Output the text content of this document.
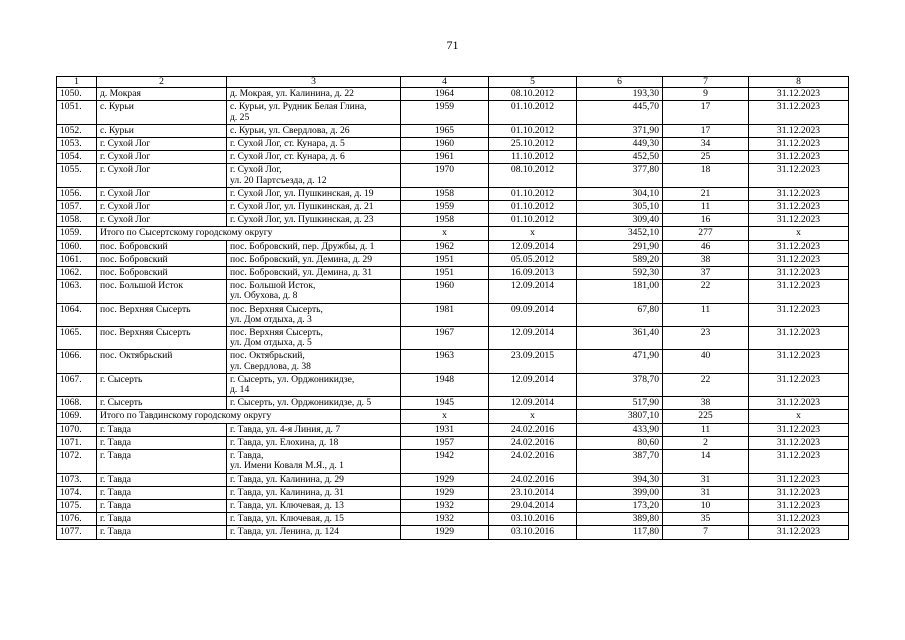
71
1	2	3	4	5	6	7	8
1050.	д. Мокрая	д. Мокрая, ул. Калинина, д. 22	1964	08.10.2012	193,30	9	31.12.2023
1051.	с. Курьи	с. Курьи, ул. Рудник Белая Глина,
д. 25	1959	01.10.2012	445,70	17	31.12.2023
1052.	с. Курьи	с. Курьи, ул. Свердлова, д. 26	1965	01.10.2012	371,90	17	31.12.2023
1053.	г. Сухой Лог	г. Сухой Лог, ст. Кунара, д. 5	1960	25.10.2012	449,30	34	31.12.2023
1054.	г. Сухой Лог	г. Сухой Лог, ст. Кунара, д. 6	1961	11.10.2012	452,50	25	31.12.2023
1055.	г. Сухой Лог	г. Сухой Лог,
ул. 20 Партсъезда, д. 12	1970	08.10.2012	377,80	18	31.12.2023
1056.	г. Сухой Лог	г. Сухой Лог, ул. Пушкинская, д. 19	1958	01.10.2012	304,10	21	31.12.2023
1057.	г. Сухой Лог	г. Сухой Лог, ул. Пушкинская, д. 21	1959	01.10.2012	305,10	11	31.12.2023
1058.	г. Сухой Лог	г. Сухой Лог, ул. Пушкинская, д. 23	1958	01.10.2012	309,40	16	31.12.2023
1059.	Итого по Сысертскому городскому округу		х	х	3452,10	277	х
1060.	пос. Бобровский	пос. Бобровский, пер. Дружбы, д. 1	1962	12.09.2014	291,90	46	31.12.2023
1061.	пос. Бобровский	пос. Бобровский, ул. Демина, д. 29	1951	05.05.2012	589,20	38	31.12.2023
1062.	пос. Бобровский	пос. Бобровский, ул. Демина, д. 31	1951	16.09.2013	592,30	37	31.12.2023
1063.	пос. Большой Исток	пос. Большой Исток,
ул. Обухова, д. 8	1960	12.09.2014	181,00	22	31.12.2023
1064.	пос. Верхняя Сысерть	пос. Верхняя Сысерть,
ул. Дом отдыха, д. 3	1981	09.09.2014	67,80	11	31.12.2023
1065.	пос. Верхняя Сысерть	пос. Верхняя Сысерть,
ул. Дом отдыха, д. 5	1967	12.09.2014	361,40	23	31.12.2023
1066.	пос. Октябрьский	пос. Октябрьский,
ул. Свердлова, д. 38	1963	23.09.2015	471,90	40	31.12.2023
1067.	г. Сысерть	г. Сысерть, ул. Орджоникидзе,
д. 14	1948	12.09.2014	378,70	22	31.12.2023
1068.	г. Сысерть	г. Сысерть, ул. Орджоникидзе, д. 5	1945	12.09.2014	517,90	38	31.12.2023
1069.	Итого по Тавдинскому городскому округу		х	х	3807,10	225	х
1070.	г. Тавда	г. Тавда, ул. 4-я Линия, д. 7	1931	24.02.2016	433,90	11	31.12.2023
1071.	г. Тавда	г. Тавда, ул. Елохина, д. 18	1957	24.02.2016	80,60	2	31.12.2023
1072.	г. Тавда	г. Тавда,
ул. Имени Коваля М.Я., д. 1	1942	24.02.2016	387,70	14	31.12.2023
1073.	г. Тавда	г. Тавда, ул. Калинина, д. 29	1929	24.02.2016	394,30	31	31.12.2023
1074.	г. Тавда	г. Тавда, ул. Калинина, д. 31	1929	23.10.2014	399,00	31	31.12.2023
1075.	г. Тавда	г. Тавда, ул. Ключевая, д. 13	1932	29.04.2014	173,20	10	31.12.2023
1076.	г. Тавда	г. Тавда, ул. Ключевая, д. 15	1932	03.10.2016	389,80	35	31.12.2023
1077.	г. Тавда	г. Тавда, ул. Ленина, д. 124	1929	03.10.2016	117,80	7	31.12.2023
